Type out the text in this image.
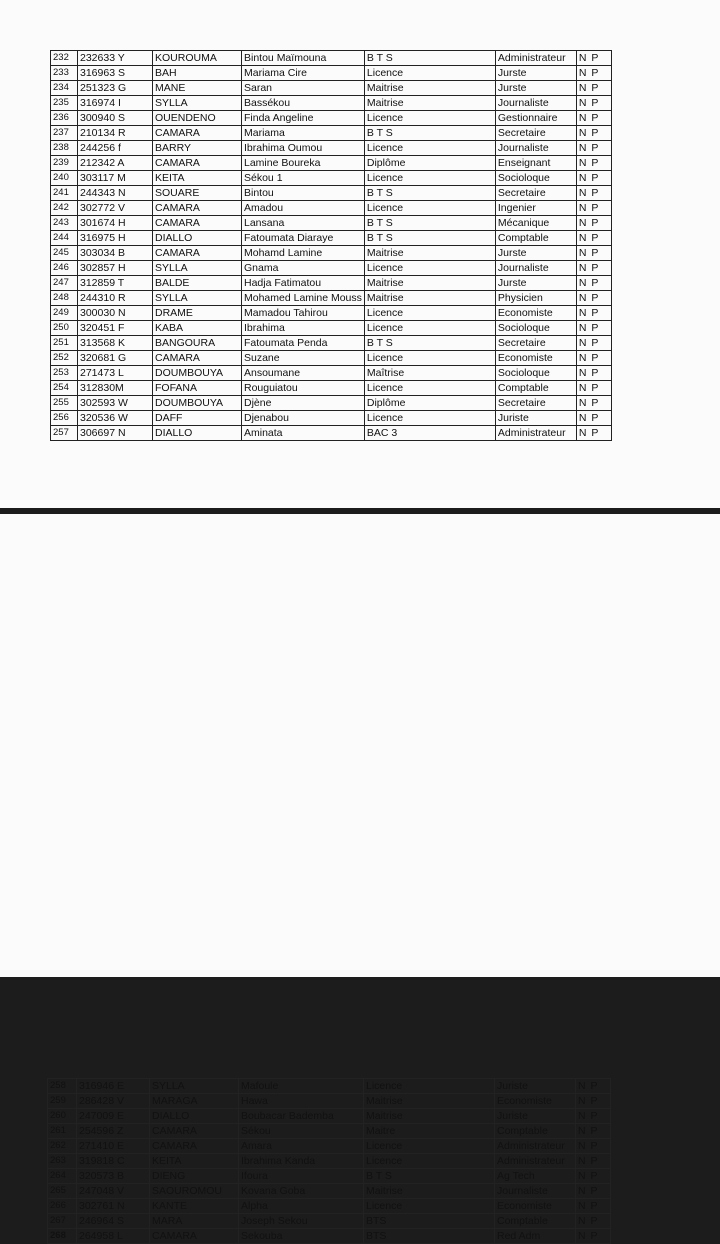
232	232633 Y	KOUROUMA	Bintou Maïmouna	B T S	Administrateur	N P
233	316963 S	BAH	Mariama Cire	Licence	Jurste	N P
234	251323 G	MANE	Saran	Maitrise	Jurste	N P
235	316974 I	SYLLA	Bassékou	Maitrise	Journaliste	N P
236	300940 S	OUENDENO	Finda Angeline	Licence	Gestionnaire	N P
237	210134 R	CAMARA	Mariama	B T S	Secretaire	N P
238	244256 f	BARRY	Ibrahima Oumou	Licence	Journaliste	N P
239	212342 A	CAMARA	Lamine Boureka	Diplôme	Enseignant	N P
240	303117 M	KEITA	Sékou 1	Licence	Socioloque	N P
241	244343 N	SOUARE	Bintou	B T S	Secretaire	N P
242	302772 V	CAMARA	Amadou	Licence	Ingenier	N P
243	301674 H	CAMARA	Lansana	B T S	Mécanique	N P
244	316975 H	DIALLO	Fatoumata Diaraye	B T S	Comptable	N P
245	303034 B	CAMARA	Mohamd Lamine	Maitrise	Jurste	N P
246	302857 H	SYLLA	Gnama	Licence	Journaliste	N P
247	312859 T	BALDE	Hadja Fatimatou	Maitrise	Jurste	N P
248	244310 R	SYLLA	Mohamed Lamine Mouss	Maitrise	Physicien	N P
249	300030 N	DRAME	Mamadou Tahirou	Licence	Economiste	N P
250	320451 F	KABA	Ibrahima	Licence	Socioloque	N P
251	313568 K	BANGOURA	Fatoumata Penda	B T S	Secretaire	N P
252	320681 G	CAMARA	Suzane	Licence	Economiste	N P
253	271473 L	DOUMBOUYA	Ansoumane	Maîtrise	Socioloque	N P
254	312830M	FOFANA	Rouguiatou	Licence	Comptable	N P
255	302593 W	DOUMBOUYA	Djène	Diplôme	Secretaire	N P
256	320536 W	DAFF	Djenabou	Licence	Juriste	N P
257	306697 N	DIALLO	Aminata	BAC 3	Administrateur	N P
258	316946 E	SYLLA	Mafoule	Licence	Juriste	N P
259	286428 V	MARAGA	Hawa	Maitrise	Economiste	N P
260	247009 E	DIALLO	Boubacar Bademba	Maitrise	Juriste	N P
261	254596 Z	CAMARA	Sékou	Maitre	Comptable	N P
262	271410 E	CAMARA	Amara	Licence	Administrateur	N P
263	319818 C	KEITA	Ibrahima Kanda	Licence	Administrateur	N P
264	320573 B	DIENG	Ifoura	B T S	Ag Tech	N P
265	247048 V	SAOUROMOU	Kovana Goba	Maitrise	Journaliste	N P
266	302761 N	KANTE	Alpha	Licence	Economiste	N P
267	246964 S	MARA	Joseph Sekou	BTS	Comptable	N P
268	264958 L	CAMARA	Sekouba	BTS	Red Adm	N P
